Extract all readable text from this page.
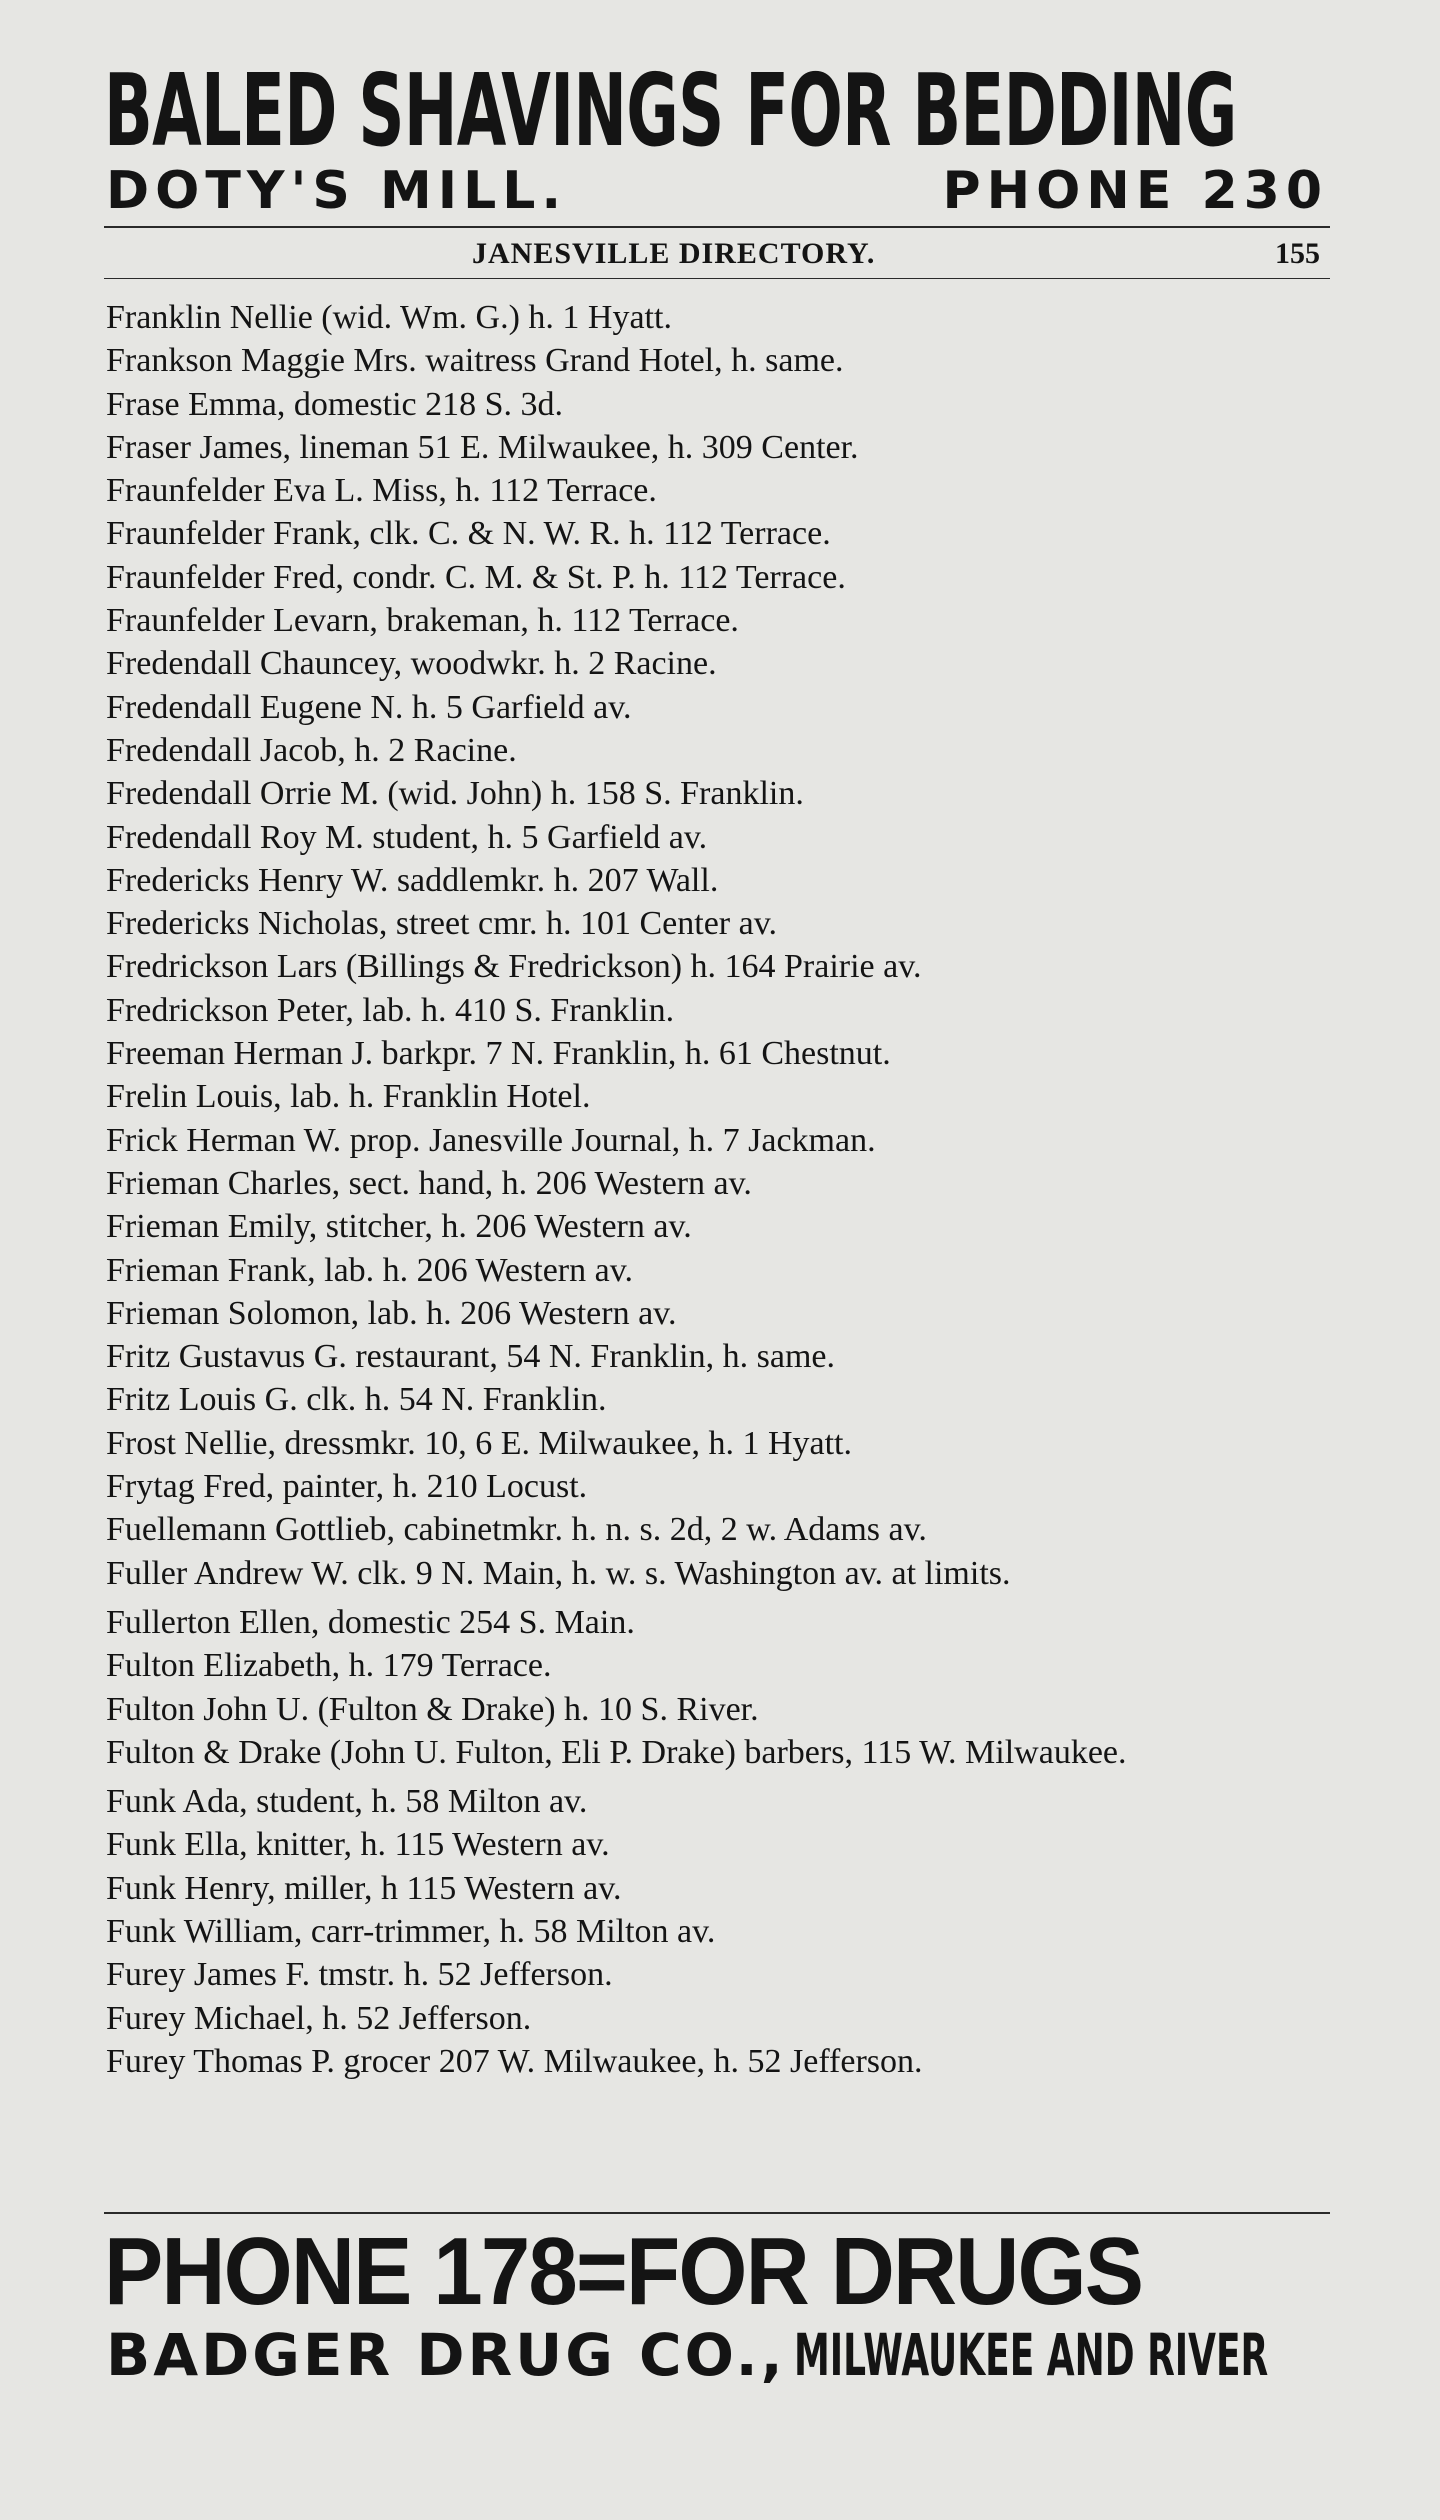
BALED SHAVINGS FOR BEDDING
DOTY'S MILL.	PHONE 230
JANESVILLE DIRECTORY.	155
Franklin Nellie (wid. Wm. G.) h. 1 Hyatt.
Frankson Maggie Mrs. waitress Grand Hotel, h. same.
Frase Emma, domestic 218 S. 3d.
Fraser James, lineman 51 E. Milwaukee, h. 309 Center.
Fraunfelder Eva L. Miss, h. 112 Terrace.
Fraunfelder Frank, clk. C. & N. W. R. h. 112 Terrace.
Fraunfelder Fred, condr. C. M. & St. P. h. 112 Terrace.
Fraunfelder Levarn, brakeman, h. 112 Terrace.
Fredendall Chauncey, woodwkr. h. 2 Racine.
Fredendall Eugene N. h. 5 Garfield av.
Fredendall Jacob, h. 2 Racine.
Fredendall Orrie M. (wid. John) h. 158 S. Franklin.
Fredendall Roy M. student, h. 5 Garfield av.
Fredericks Henry W. saddlemkr. h. 207 Wall.
Fredericks Nicholas, street cmr. h. 101 Center av.
Fredrickson Lars (Billings & Fredrickson) h. 164 Prairie av.
Fredrickson Peter, lab. h. 410 S. Franklin.
Freeman Herman J. barkpr. 7 N. Franklin, h. 61 Chestnut.
Frelin Louis, lab. h. Franklin Hotel.
Frick Herman W. prop. Janesville Journal, h. 7 Jackman.
Frieman Charles, sect. hand, h. 206 Western av.
Frieman Emily, stitcher, h. 206 Western av.
Frieman Frank, lab. h. 206 Western av.
Frieman Solomon, lab. h. 206 Western av.
Fritz Gustavus G. restaurant, 54 N. Franklin, h. same.
Fritz Louis G. clk. h. 54 N. Franklin.
Frost Nellie, dressmkr. 10, 6 E. Milwaukee, h. 1 Hyatt.
Frytag Fred, painter, h. 210 Locust.
Fuellemann Gottlieb, cabinetmkr. h. n. s. 2d, 2 w. Adams av.
Fuller Andrew W. clk. 9 N. Main, h. w. s. Washington av. at limits.
Fullerton Ellen, domestic 254 S. Main.
Fulton Elizabeth, h. 179 Terrace.
Fulton John U. (Fulton & Drake) h. 10 S. River.
Fulton & Drake (John U. Fulton, Eli P. Drake) barbers, 115 W. Milwaukee.
Funk Ada, student, h. 58 Milton av.
Funk Ella, knitter, h. 115 Western av.
Funk Henry, miller, h 115 Western av.
Funk William, carr-trimmer, h. 58 Milton av.
Furey James F. tmstr. h. 52 Jefferson.
Furey Michael, h. 52 Jefferson.
Furey Thomas P. grocer 207 W. Milwaukee, h. 52 Jefferson.
PHONE 178=FOR DRUGS
BADGER DRUG CO., MILWAUKEE AND RIVER
